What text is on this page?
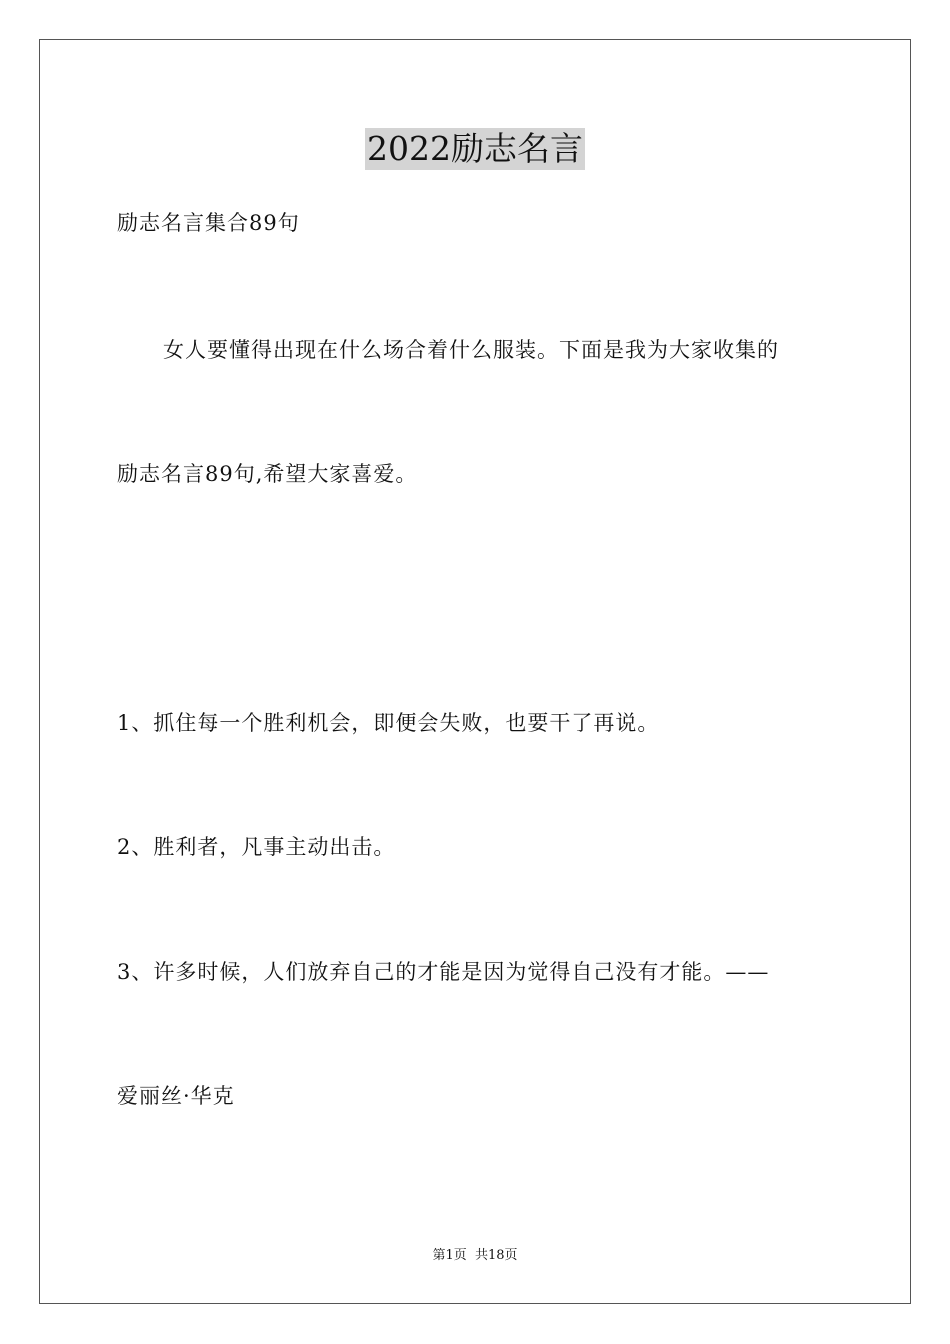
2022励志名言
励志名言集合89句
女人要懂得出现在什么场合着什么服装。下面是我为大家收集的
励志名言89句,希望大家喜爱。
1、抓住每一个胜利机会，即便会失败，也要干了再说。
2、胜利者，凡事主动出击。
3、许多时候，人们放弃自己的才能是因为觉得自己没有才能。——
爱丽丝·华克
第1页 共18页
